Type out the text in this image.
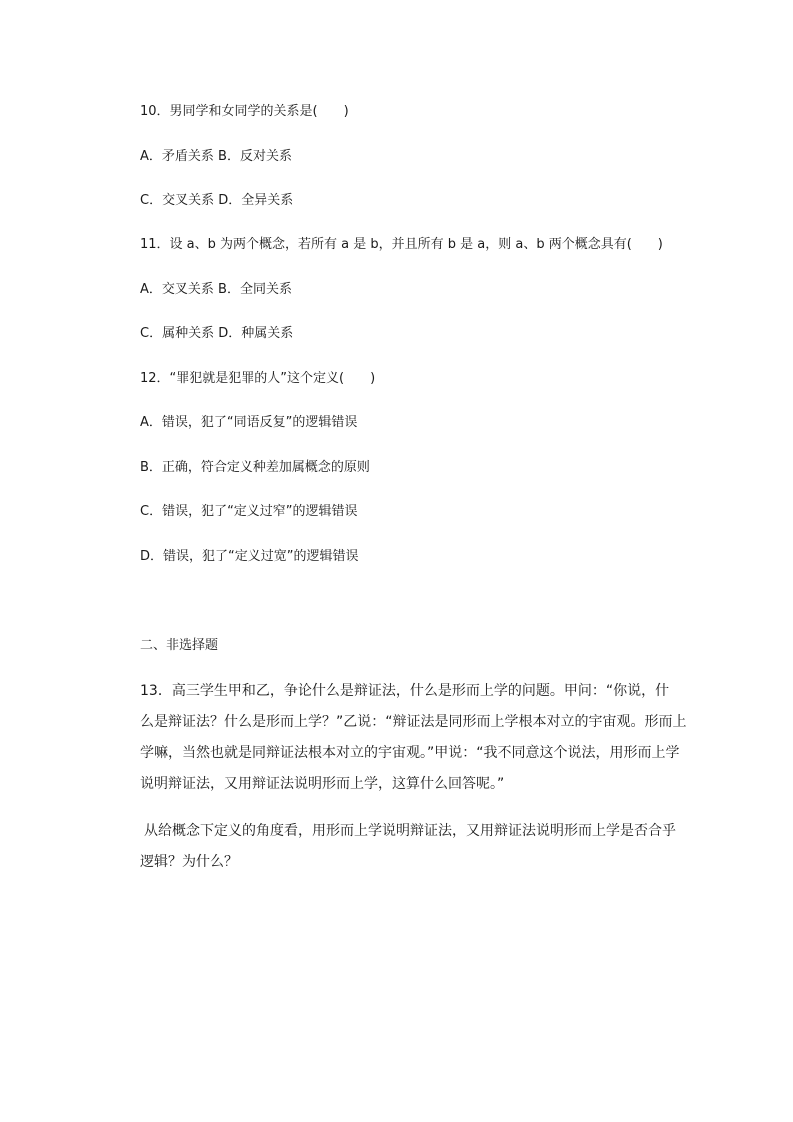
10．男同学和女同学的关系是(　　)
A．矛盾关系 B．反对关系
C．交叉关系 D．全异关系
11．设 a、b 为两个概念，若所有 a 是 b，并且所有 b 是 a，则 a、b 两个概念具有(　　)
A．交叉关系 B．全同关系
C．属种关系 D．种属关系
12．“罪犯就是犯罪的人”这个定义(　　)
A．错误，犯了“同语反复”的逻辑错误
B．正确，符合定义种差加属概念的原则
C．错误，犯了“定义过窄”的逻辑错误
D．错误，犯了“定义过宽”的逻辑错误
二、非选择题
13．高三学生甲和乙，争论什么是辩证法，什么是形而上学的问题。甲问：“你说，什
么是辩证法？什么是形而上学？”乙说：“辩证法是同形而上学根本对立的宇宙观。形而上
学嘛，当然也就是同辩证法根本对立的宇宙观。”甲说：“我不同意这个说法，用形而上学
说明辩证法，又用辩证法说明形而上学，这算什么回答呢。”
从给概念下定义的角度看，用形而上学说明辩证法，又用辩证法说明形而上学是否合乎
逻辑？为什么？
